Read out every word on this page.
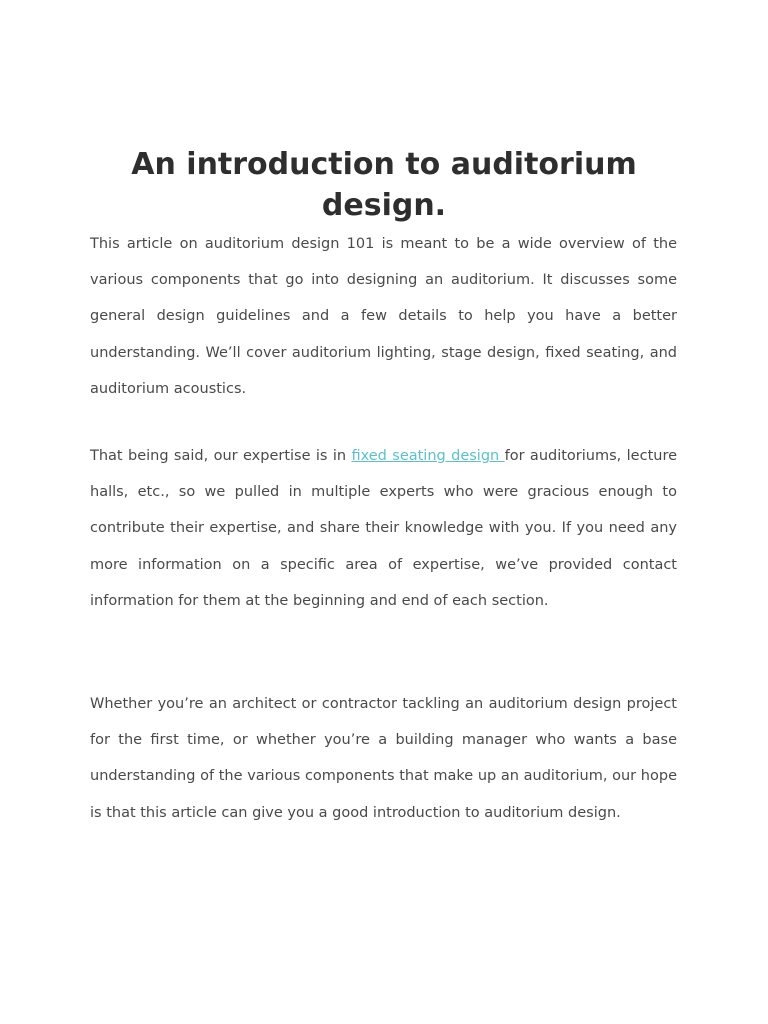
An introduction to auditorium design.

This article on auditorium design 101 is meant to be a wide overview of the various components that go into designing an auditorium. It discusses some general design guidelines and a few details to help you have a better understanding. We’ll cover auditorium lighting, stage design, fixed seating, and auditorium acoustics.

That being said, our expertise is in fixed seating design for auditoriums, lecture halls, etc., so we pulled in multiple experts who were gracious enough to contribute their expertise, and share their knowledge with you. If you need any more information on a specific area of expertise, we’ve provided contact information for them at the beginning and end of each section.

Whether you’re an architect or contractor tackling an auditorium design project for the first time, or whether you’re a building manager who wants a base understanding of the various components that make up an auditorium, our hope is that this article can give you a good introduction to auditorium design.
